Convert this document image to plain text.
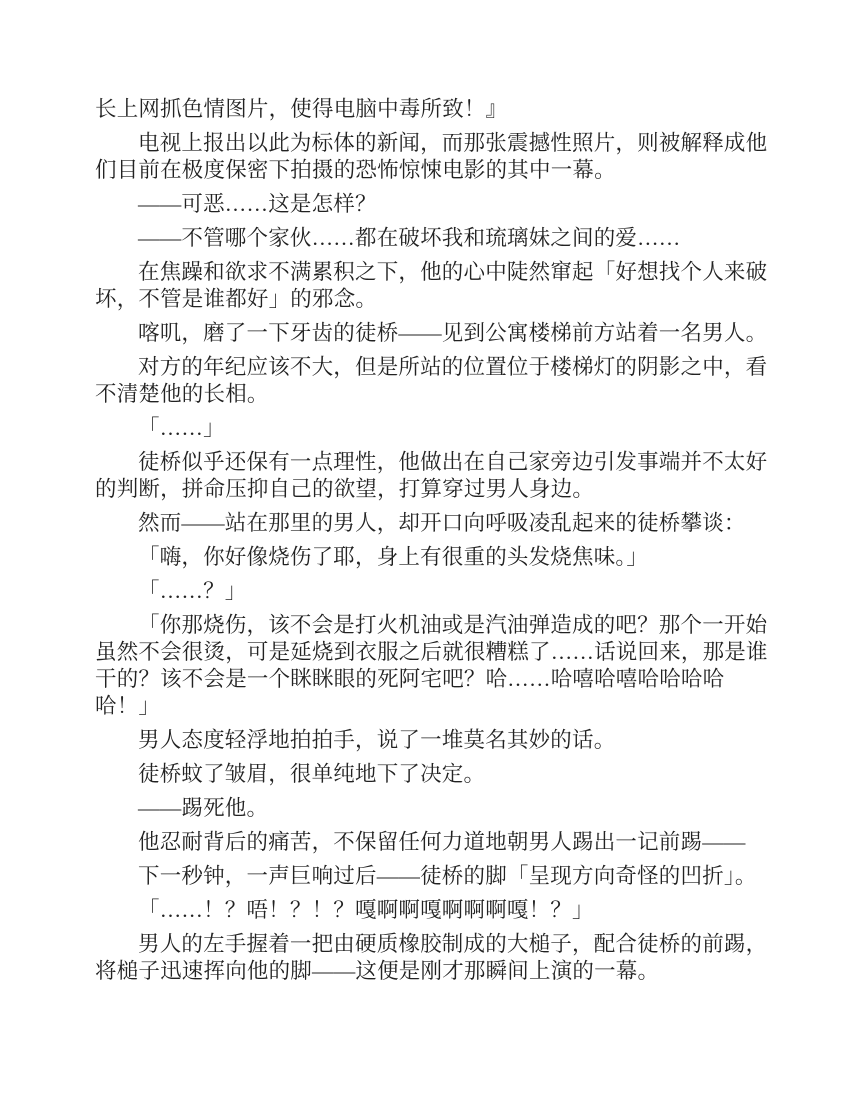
长上网抓色情图片，使得电脑中毒所致！』

电视上报出以此为标体的新闻，而那张震撼性照片，则被解释成他
们目前在极度保密下拍摄的恐怖惊悚电影的其中一幕。

——可恶……这是怎样？

——不管哪个家伙……都在破坏我和琉璃妹之间的爱……

在焦躁和欲求不满累积之下，他的心中陡然窜起「好想找个人来破
坏，不管是谁都好」的邪念。

喀叽，磨了一下牙齿的徒桥——见到公寓楼梯前方站着一名男人。

对方的年纪应该不大，但是所站的位置位于楼梯灯的阴影之中，看
不清楚他的长相。

「……」

徒桥似乎还保有一点理性，他做出在自己家旁边引发事端并不太好
的判断，拼命压抑自己的欲望，打算穿过男人身边。

然而——站在那里的男人，却开口向呼吸凌乱起来的徒桥攀谈：

「嗨，你好像烧伤了耶，身上有很重的头发烧焦味。」

「……？」

「你那烧伤，该不会是打火机油或是汽油弹造成的吧？那个一开始
虽然不会很烫，可是延烧到衣服之后就很糟糕了……话说回来，那是谁
干的？该不会是一个眯眯眼的死阿宅吧？哈……哈嘻哈嘻哈哈哈哈
哈！」

男人态度轻浮地拍拍手，说了一堆莫名其妙的话。

徒桥蚊了皱眉，很单纯地下了决定。

——踢死他。

他忍耐背后的痛苦，不保留任何力道地朝男人踢出一记前踢——

下一秒钟，一声巨响过后——徒桥的脚「呈现方向奇怪的凹折」。

「……！？唔！？！？嘎啊啊嘎啊啊啊嘎！？」

男人的左手握着一把由硬质橡胶制成的大槌子，配合徒桥的前踢，
将槌子迅速挥向他的脚——这便是刚才那瞬间上演的一幕。
